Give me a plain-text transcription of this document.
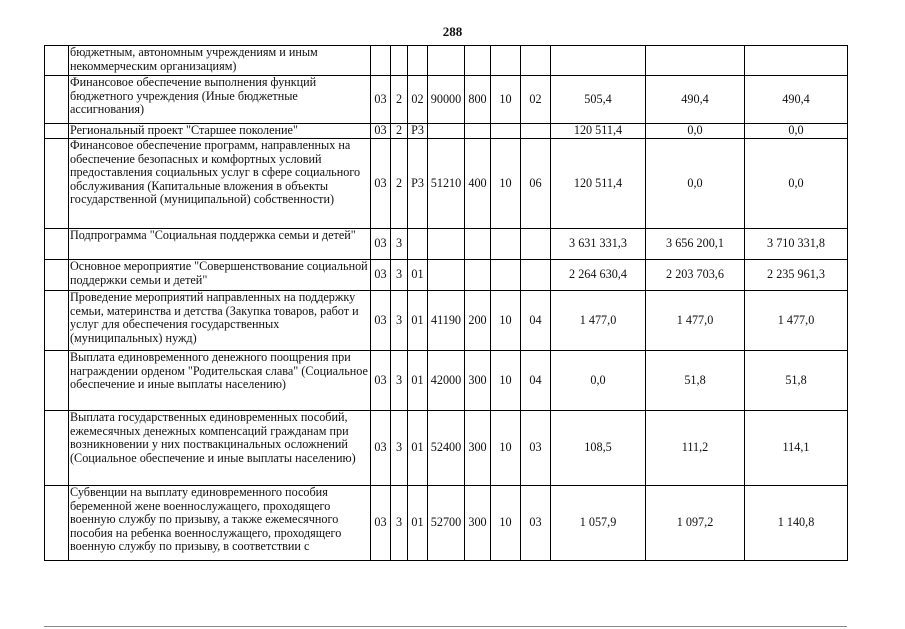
288
	бюджетным, автономным учреждениям и иным некоммерческим организациям)										
	Финансовое обеспечение выполнения функций бюджетного учреждения (Иные бюджетные ассигнования)	03	2	02	90000	800	10	02	505,4	490,4	490,4
	Региональный проект "Старшее поколение"	03	2	P3					120 511,4	0,0	0,0
	Финансовое обеспечение программ, направленных на обеспечение безопасных и комфортных условий предоставления социальных услуг в сфере социального обслуживания (Капитальные вложения в объекты государственной (муниципальной) собственности)	03	2	P3	51210	400	10	06	120 511,4	0,0	0,0
	Подпрограмма "Социальная поддержка семьи и детей"	03	3						3 631 331,3	3 656 200,1	3 710 331,8
	Основное мероприятие "Совершенствование социальной поддержки семьи и детей"	03	3	01					2 264 630,4	2 203 703,6	2 235 961,3
	Проведение мероприятий направленных на поддержку семьи, материнства и детства (Закупка товаров, работ и услуг для обеспечения государственных (муниципальных) нужд)	03	3	01	41190	200	10	04	1 477,0	1 477,0	1 477,0
	Выплата единовременного денежного поощрения при награждении орденом "Родительская слава" (Социальное обеспечение и иные выплаты населению)	03	3	01	42000	300	10	04	0,0	51,8	51,8
	Выплата государственных единовременных пособий, ежемесячных денежных компенсаций гражданам при возникновении у них поствакцинальных осложнений (Социальное обеспечение и иные выплаты населению)	03	3	01	52400	300	10	03	108,5	111,2	114,1
	Субвенции на выплату единовременного пособия беременной жене военнослужащего, проходящего военную службу по призыву, а также ежемесячного пособия на ребенка военнослужащего, проходящего военную службу по призыву, в соответствии с	03	3	01	52700	300	10	03	1 057,9	1 097,2	1 140,8
